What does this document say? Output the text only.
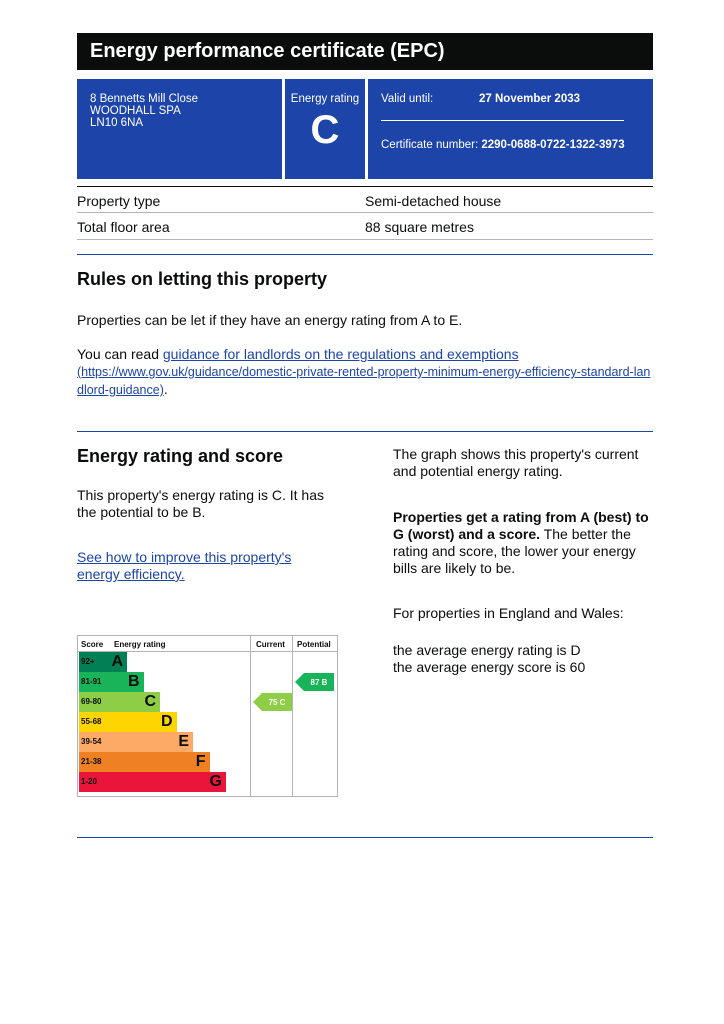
Energy performance certificate (EPC)
8 Bennetts Mill Close
WOODHALL SPA
LN10 6NA
Energy rating
C
Valid until:	27 November 2033
Certificate number: 2290-0688-0722-1322-3973
Property type	Semi-detached house
Total floor area	88 square metres
Rules on letting this property
Properties can be let if they have an energy rating from A to E.
You can read guidance for landlords on the regulations and exemptions
(https://www.gov.uk/guidance/domestic-private-rented-property-minimum-energy-efficiency-standard-landlord-guidance).
Energy rating and score
This property's energy rating is C. It has the potential to be B.
See how to improve this property's energy efficiency.
The graph shows this property's current and potential energy rating.
Properties get a rating from A (best) to G (worst) and a score. The better the rating and score, the lower your energy bills are likely to be.
For properties in England and Wales:
the average energy rating is D
the average energy score is 60
Score Energy rating	Current Potential
92+ A
81-91 B
69-80	C
55-68	D
39-54	E
21-38	F
1-20	G
75 C
87 B
